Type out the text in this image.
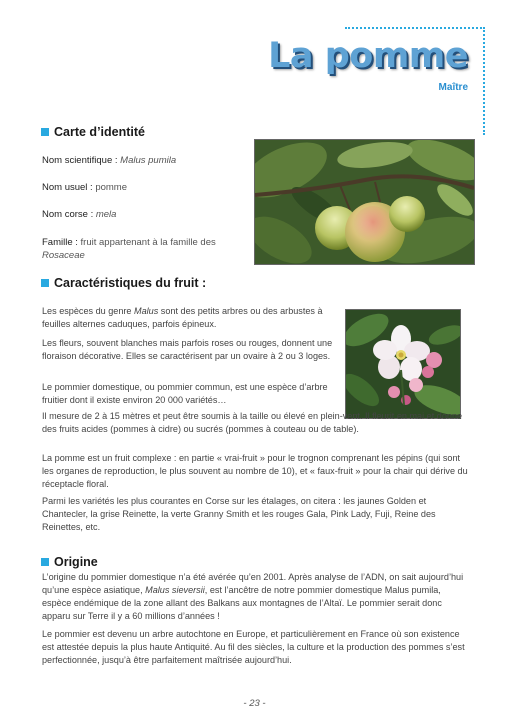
La pomme
Maître
Carte d’identité
Nom scientifique : Malus pumila
Nom usuel : pomme
Nom corse : mela
Famille : fruit appartenant à la famille des
Rosaceae
Caractéristiques du fruit :

Les espèces du genre Malus sont des petits arbres ou des arbustes à feuilles alternes caduques, parfois épineux.

Les fleurs, souvent blanches mais parfois roses ou rouges, donnent une floraison décorative. Elles se caractérisent par un ovaire à 2 ou 3 loges.

Le pommier domestique, ou pommier commun, est une espèce d’arbre fruitier dont il existe environ 20 000 variétés…

Il mesure de 2 à 15 mètres et peut être soumis à la taille ou élevé en plein-vent. Il fleurit en mai et donne des fruits acides (pommes à cidre) ou sucrés (pommes à couteau ou de table).

La pomme est un fruit complexe : en partie « vrai-fruit » pour le trognon comprenant les pépins (qui sont les organes de reproduction, le plus souvent au nombre de 10), et « faux-fruit » pour la chair qui dérive du réceptacle floral.

Parmi les variétés les plus courantes en Corse sur les étalages, on citera : les jaunes Golden et Chantecler, la grise Reinette, la verte Granny Smith et les rouges Gala, Pink Lady, Fuji, Reine des Reinettes, etc.

Origine

L’origine du pommier domestique n’a été avérée qu’en 2001. Après analyse de l’ADN, on sait aujourd’hui qu’une espèce asiatique, Malus sieversii, est l’ancêtre de notre pommier domestique Malus pumila, espèce endémique de la zone allant des Balkans aux montagnes de l’Altaï. Le pommier serait donc apparu sur Terre il y a 60 millions d’années !

Le pommier est devenu un arbre autochtone en Europe, et particulièrement en France où son existence est attestée depuis la plus haute Antiquité. Au fil des siècles, la culture et la production des pommes s’est perfectionnée, jusqu’à être parfaitement maîtrisée aujourd’hui.

- 23 -
